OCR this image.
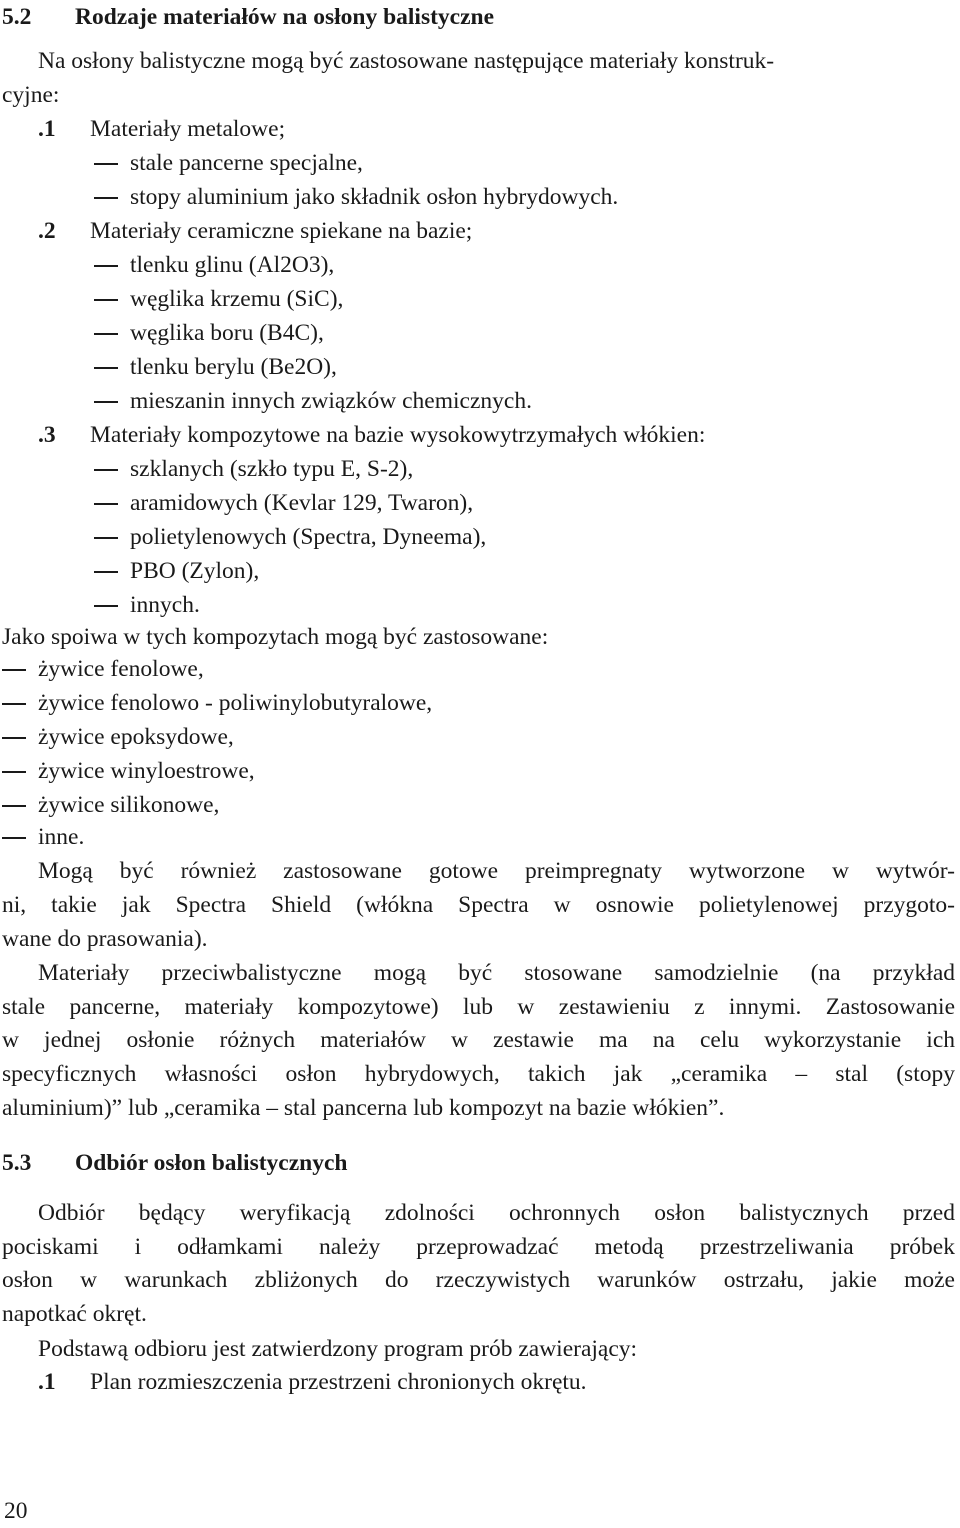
5.2 Rodzaje materiałów na osłony balistyczne
Na osłony balistyczne mogą być zastosowane następujące materiały konstruk-
cyjne:
.1 Materiały metalowe;
stale pancerne specjalne,
stopy aluminium jako składnik osłon hybrydowych.
.2 Materiały ceramiczne spiekane na bazie;
tlenku glinu (Al2O3),
węglika krzemu (SiC),
węglika boru (B4C),
tlenku berylu (Be2O),
mieszanin innych związków chemicznych.
.3 Materiały kompozytowe na bazie wysokowytrzymałych włókien:
szklanych (szkło typu E, S-2),
aramidowych (Kevlar 129, Twaron),
polietylenowych (Spectra, Dyneema),
PBO (Zylon),
innych.
Jako spoiwa w tych kompozytach mogą być zastosowane:
żywice fenolowe,
żywice fenolowo - poliwinylobutyralowe,
żywice epoksydowe,
żywice winyloestrowe,
żywice silikonowe,
inne.
Mogą być również zastosowane gotowe preimpregnaty wytworzone w wytwór-
ni, takie jak Spectra Shield (włókna Spectra w osnowie polietylenowej przygoto-
wane do prasowania).
Materiały przeciwbalistyczne mogą być stosowane samodzielnie (na przykład
stale pancerne, materiały kompozytowe) lub w zestawieniu z innymi. Zastosowanie
w jednej osłonie różnych materiałów w zestawie ma na celu wykorzystanie ich
specyficznych własności osłon hybrydowych, takich jak „ceramika – stal (stopy
aluminium)” lub „ceramika – stal pancerna lub kompozyt na bazie włókien”.
5.3 Odbiór osłon balistycznych
Odbiór będący weryfikacją zdolności ochronnych osłon balistycznych przed
pociskami i odłamkami należy przeprowadzać metodą przestrzeliwania próbek
osłon w warunkach zbliżonych do rzeczywistych warunków ostrzału, jakie może
napotkać okręt.
Podstawą odbioru jest zatwierdzony program prób zawierający:
.1 Plan rozmieszczenia przestrzeni chronionych okrętu.
20
